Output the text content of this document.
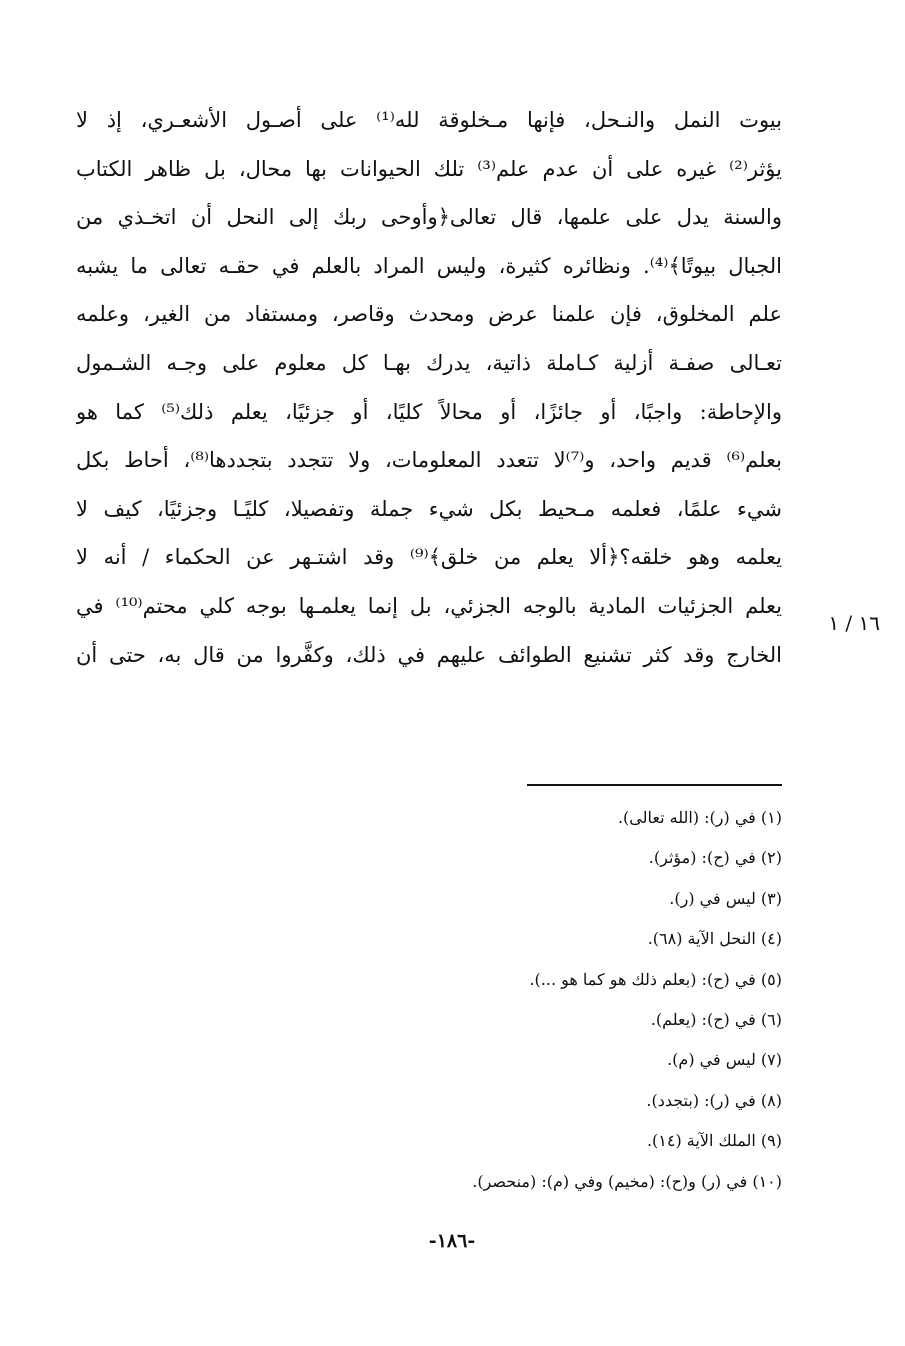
بيوت النمل والنـحل، فإنها مـخلوقة لله⁽¹⁾ على أصـول الأشعـري، إذ لا
يؤثر⁽²⁾ غيره على أن عدم علم⁽³⁾ تلك الحيوانات بها محال، بل ظاهر الكتاب
والسنة يدل على علمها، قال تعالى﴿وأوحى ربك إلى النحل أن اتخـذي من
الجبال بيوتًا﴾⁽⁴⁾. ونظائره كثيرة، وليس المراد بالعلم في حقـه تعالى ما يشبه
علم المخلوق، فإن علمنا عرض ومحدث وقاصر، ومستفاد من الغير، وعلمه
تعـالى صفـة أزلية كـاملة ذاتية، يدرك بهـا كل معلوم على وجـه الشـمول
والإحاطة: واجبًا، أو جائزًا، أو محالاً كليًا، أو جزئيًا، يعلم ذلك⁽⁵⁾ كما هو
بعلم⁽⁶⁾ قديم واحد، و⁽⁷⁾لا تتعدد المعلومات، ولا تتجدد بتجددها⁽⁸⁾، أحاط بكل
شيء علمًا، فعلمه مـحيط بكل شيء جملة وتفصيلا، كليًـا وجزئيًا، كيف لا
يعلمه وهو خلقه؟﴿ألا يعلم من خلق﴾⁽⁹⁾ وقد اشتـهر عن الحكماء / أنه لا
يعلم الجزئيات المادية بالوجه الجزئي، بل إنما يعلمـها بوجه كلي محتم⁽¹⁰⁾ في
الخارج وقد كثر تشنيع الطوائف عليهم في ذلك، وكفَّروا من قال به، حتى أن
١٦ / ١
(١) في (ر): (الله تعالى).
(٢) في (ح): (مؤثر).
(٣) ليس في (ر).
(٤) النحل الآية (٦٨).
(٥) في (ح): (بعلم ذلك هو كما هو ...).
(٦) في (ح): (يعلم).
(٧) ليس في (م).
(٨) في (ر): (بتجدد).
(٩) الملك الآية (١٤).
(١٠) في (ر) و(ح): (مخيم) وفي (م): (منحصر).
-١٨٦-
